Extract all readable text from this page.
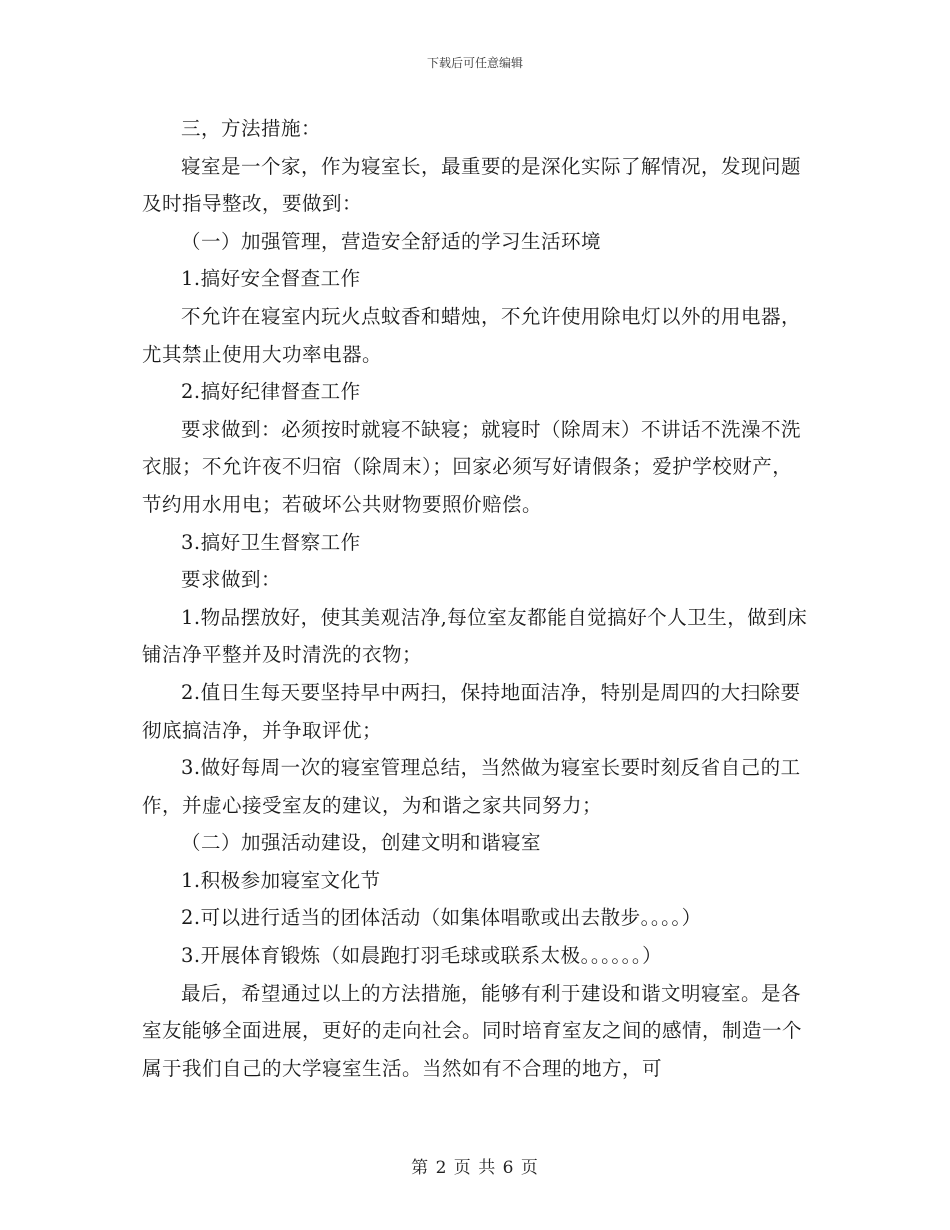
下载后可任意编辑

三，方法措施：

寝室是一个家，作为寝室长，最重要的是深化实际了解情况，发现问题及时指导整改，要做到：

（一）加强管理，营造安全舒适的学习生活环境

1.搞好安全督查工作

不允许在寝室内玩火点蚊香和蜡烛，不允许使用除电灯以外的用电器，尤其禁止使用大功率电器。

2.搞好纪律督查工作

要求做到：必须按时就寝不缺寝；就寝时（除周末）不讲话不洗澡不洗衣服；不允许夜不归宿（除周末）；回家必须写好请假条；爱护学校财产，节约用水用电；若破坏公共财物要照价赔偿。

3.搞好卫生督察工作

要求做到：

1.物品摆放好，使其美观洁净,每位室友都能自觉搞好个人卫生，做到床铺洁净平整并及时清洗的衣物；

2.值日生每天要坚持早中两扫，保持地面洁净，特别是周四的大扫除要彻底搞洁净，并争取评优；

3.做好每周一次的寝室管理总结，当然做为寝室长要时刻反省自己的工作，并虚心接受室友的建议，为和谐之家共同努力；

（二）加强活动建设，创建文明和谐寝室

1.积极参加寝室文化节

2.可以进行适当的团体活动（如集体唱歌或出去散步。。。。）

3.开展体育锻炼（如晨跑打羽毛球或联系太极。。。。。。）

最后，希望通过以上的方法措施，能够有利于建设和谐文明寝室。是各室友能够全面进展，更好的走向社会。同时培育室友之间的感情，制造一个属于我们自己的大学寝室生活。当然如有不合理的地方，可

第 2 页 共 6 页
